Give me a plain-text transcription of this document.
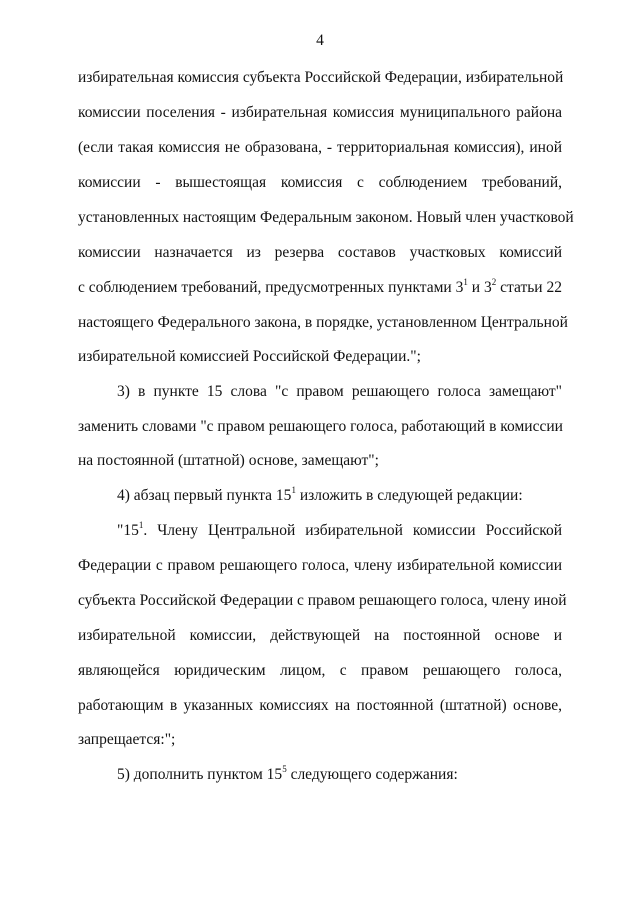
4
избирательная комиссия субъекта Российской Федерации, избирательной
комиссии поселения - избирательная комиссия муниципального района
(если такая комиссия не образована, - территориальная комиссия), иной
комиссии - вышестоящая комиссия с соблюдением требований,
установленных настоящим Федеральным законом. Новый член участковой
комиссии назначается из резерва составов участковых комиссий
с соблюдением требований, предусмотренных пунктами $3^1$ и $3^2$ статьи 22
настоящего Федерального закона, в порядке, установленном Центральной
избирательной комиссией Российской Федерации.";
3) в пункте 15 слова "с правом решающего голоса замещают"
заменить словами "с правом решающего голоса, работающий в комиссии
на постоянной (штатной) основе, замещают";
4) абзац первый пункта $15^1$ изложить в следующей редакции:
"$15^1$. Члену Центральной избирательной комиссии Российской
Федерации с правом решающего голоса, члену избирательной комиссии
субъекта Российской Федерации с правом решающего голоса, члену иной
избирательной комиссии, действующей на постоянной основе и
являющейся юридическим лицом, с правом решающего голоса,
работающим в указанных комиссиях на постоянной (штатной) основе,
запрещается:";
5) дополнить пунктом $15^5$ следующего содержания:
